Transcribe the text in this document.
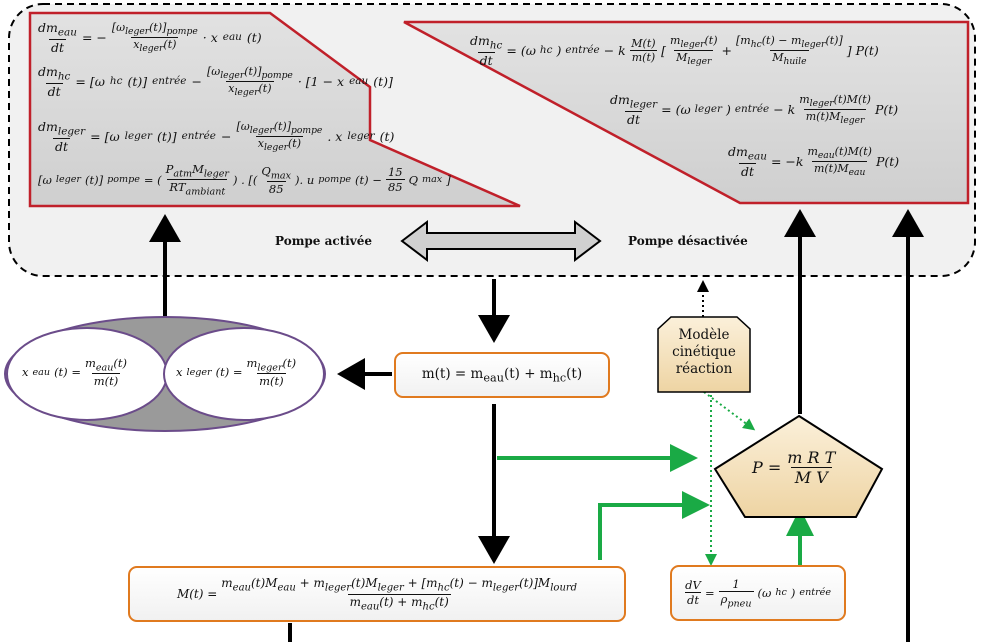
$dm_{eau}$
dt
= −
$[\omega_{leger}(t)]_{pompe}$
$x_{leger}(t) \cdot x$ eau (t)
$dm_{hc}$
dt
= [ω hc (t)] entrée −
$[\omega_{leger}(t)]_{pompe}$
$x_{leger}(t) \cdot [1 - x$ eau (t)]
$dm_{leger}$
dt
= [ω leger (t)] entrée −
$[\omega_{leger}(t)]_{pompe}$
$x_{leger}(t)$ . x leger (t)
[ω leger (t)] pompe = (
$P_{atm}M_{leger}$
$RT_{ambiant}$
) . [(
$Q_{max}$
85
). u pompe (t) −
15
85
Q max ]
$dm_{hc}$
dt
= (ω hc ) entrée − k M(t)
m(t) [
$m_{leger}(t)$
$M_{leger}$
+
$[m_{hc}(t) - m_{leger}(t)]$
$M_{huile}$
] P(t)
$dm_{leger}$
dt
= (ω leger ) entrée − k
$m_{leger}(t)M(t)$
$m(t)M_{leger}$
P(t)
$dm_{eau}$
dt
= −k
$m_{eau}(t)M(t)$
$m(t)M_{eau}$
P(t)
Pompe activée	Pompe désactivée
x eau (t) =
$m_{eau}(t)$
m(t)
x leger (t) =
$m_{leger}(t)$
m(t)	$m(t) = m_{eau}(t) + m_{hc}(t)$
Modèle
cinétique
réaction
P =
m R T
M V
M(t) =
$m_{eau}(t)M_{eau} + m_{leger}(t)M_{leger} + [m_{hc}(t) - m_{leger}(t)]M_{lourd}$
$m_{eau}(t) + m_{hc}(t)$
dV
dt
=
1
$\rho_{pneu}$
(ω hc ) entrée
